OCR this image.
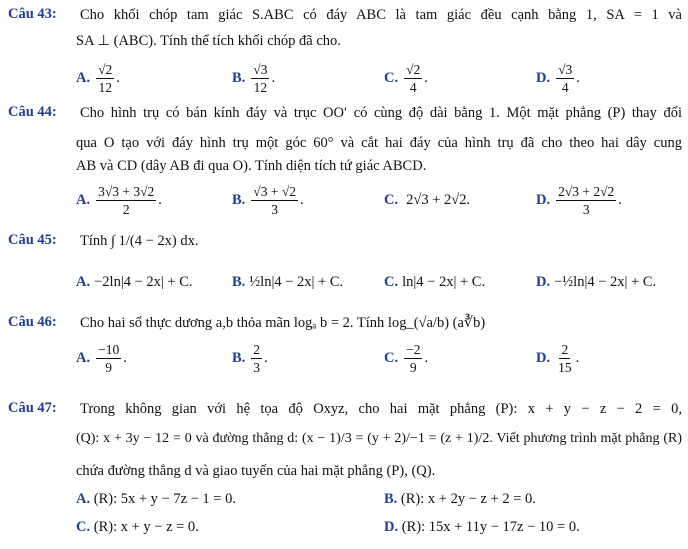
Câu 43: Cho khối chóp tam giác S.ABC có đáy ABC là tam giác đều cạnh bằng 1, SA = 1 và
SA ⊥ (ABC). Tính thể tích khối chóp đã cho.
A. $\frac{√2}{12}$ .	B. $\frac{√3}{12}$ .	C. $\frac{√2}{4}$ .	D. $\frac{√3}{4}$ .
Câu 44: Cho hình trụ có bán kính đáy và trục OO′ có cùng độ dài bằng 1. Một mặt phẳng (P) thay đổi
qua O tạo với đáy hình trụ một góc 60° và cắt hai đáy của hình trụ đã cho theo hai dây cung
AB và CD (dây AB đi qua O). Tính diện tích tứ giác ABCD.
A. $\frac{3√3 + 3√2}{2}$ .	B. $\frac{√3 + √2}{3}$ .	C. 2√3 + 2√2.	D. $\frac{2√3 + 2√2}{3}$ .
Câu 45: Tính ∫ 1/(4 − 2x) dx.
A. −2ln|4 − 2x| + C.	B. ½ln|4 − 2x| + C.	C. ln|4 − 2x| + C.	D. −½ln|4 − 2x| + C.
Câu 46: Cho hai số thực dương a,b thỏa mãn logₐ b = 2. Tính log_(√a/b) (a∛b)
A. $\frac{-10}{9}$ .	B. $\frac{2}{3}$ .	C. $\frac{-2}{9}$ .	D. $\frac{2}{15}$ .
Câu 47: Trong không gian với hệ tọa độ Oxyz, cho hai mặt phẳng (P): x + y − z − 2 = 0,
(Q): x + 3y − 12 = 0 và đường thẳng d: (x − 1)/3 = (y + 2)/−1 = (z + 1)/2. Viết phương trình mặt phẳng (R)
chứa đường thẳng d và giao tuyến của hai mặt phẳng (P), (Q).
A. (R): 5x + y − 7z − 1 = 0.	B. (R): x + 2y − z + 2 = 0.
C. (R): x + y − z = 0.	D. (R): 15x + 11y − 17z − 10 = 0.
